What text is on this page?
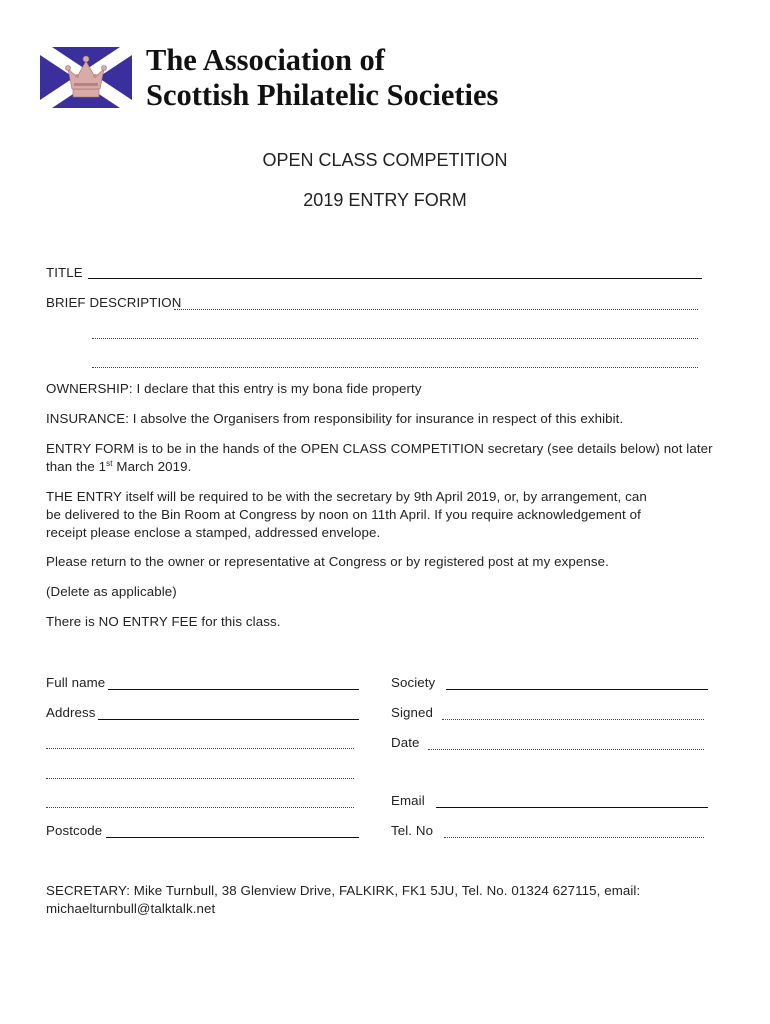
The Association of
Scottish Philatelic Societies
OPEN CLASS COMPETITION
2019 ENTRY FORM
TITLE
BRIEF DESCRIPTION
OWNERSHIP: I declare that this entry is my bona fide property
INSURANCE: I absolve the Organisers from responsibility for insurance in respect of this exhibit.
ENTRY FORM is to be in the hands of the OPEN CLASS COMPETITION secretary (see details below) not later
than the 1st March 2019.
THE ENTRY itself will be required to be with the secretary by 9th April 2019, or, by arrangement, can
be delivered to the Bin Room at Congress by noon on 11th April. If you require acknowledgement of
receipt please enclose a stamped, addressed envelope.
Please return to the owner or representative at Congress or by registered post at my expense.
(Delete as applicable)
There is NO ENTRY FEE for this class.
Full name
Address
Postcode
Society
Signed
Date
Email
Tel. No
SECRETARY: Mike Turnbull, 38 Glenview Drive, FALKIRK, FK1 5JU, Tel. No. 01324 627115, email:
michaelturnbull@talktalk.net
